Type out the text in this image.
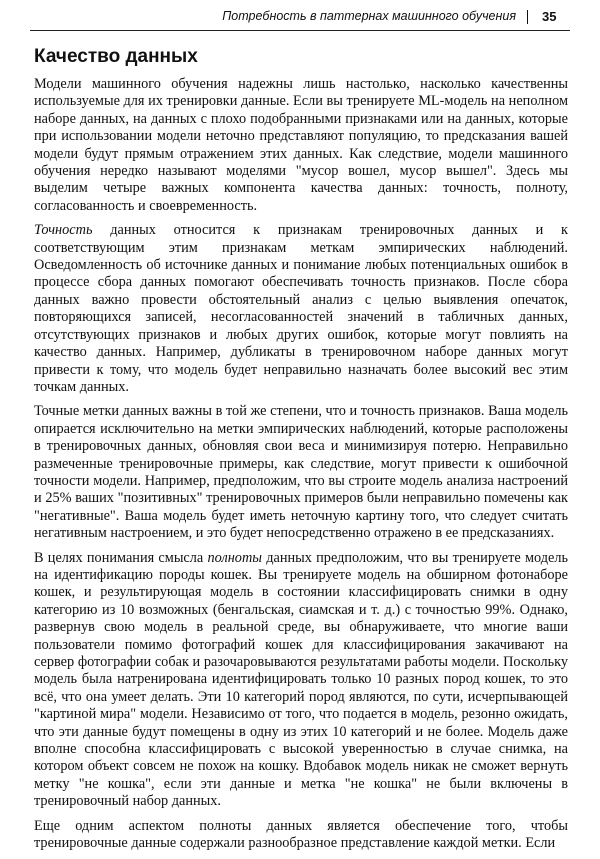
Потребность в паттернах машинного обучения 35
Качество данных

Модели машинного обучения надежны лишь настолько, насколько качественны используемые для их тренировки данные. Если вы тренируете ML-модель на неполном наборе данных, на данных с плохо подобранными признаками или на данных, которые при использовании модели неточно представляют популяцию, то предсказания вашей модели будут прямым отражением этих данных. Как следствие, модели машинного обучения нередко называют моделями "мусор вошел, мусор вышел". Здесь мы выделим четыре важных компонента качества данных: точность, полноту, согласованность и своевременность.

Точность данных относится к признакам тренировочных данных и к соответствующим этим признакам меткам эмпирических наблюдений. Осведомленность об источнике данных и понимание любых потенциальных ошибок в процессе сбора данных помогают обеспечивать точность признаков. После сбора данных важно провести обстоятельный анализ с целью выявления опечаток, повторяющихся записей, несогласованностей значений в табличных данных, отсутствующих признаков и любых других ошибок, которые могут повлиять на качество данных. Например, дубликаты в тренировочном наборе данных могут привести к тому, что модель будет неправильно назначать более высокий вес этим точкам данных.

Точные метки данных важны в той же степени, что и точность признаков. Ваша модель опирается исключительно на метки эмпирических наблюдений, которые расположены в тренировочных данных, обновляя свои веса и минимизируя потерю. Неправильно размеченные тренировочные примеры, как следствие, могут привести к ошибочной точности модели. Например, предположим, что вы строите модель анализа настроений и 25% ваших "позитивных" тренировочных примеров были неправильно помечены как "негативные". Ваша модель будет иметь неточную картину того, что следует считать негативным настроением, и это будет непосредственно отражено в ее предсказаниях.

В целях понимания смысла полноты данных предположим, что вы тренируете модель на идентификацию породы кошек. Вы тренируете модель на обширном фотонаборе кошек, и результирующая модель в состоянии классифицировать снимки в одну категорию из 10 возможных (бенгальская, сиамская и т. д.) с точностью 99%. Однако, развернув свою модель в реальной среде, вы обнаруживаете, что многие ваши пользователи помимо фотографий кошек для классифицирования закачивают на сервер фотографии собак и разочаровываются результатами работы модели. Поскольку модель была натренирована идентифицировать только 10 разных пород кошек, то это всё, что она умеет делать. Эти 10 категорий пород являются, по сути, исчерпывающей "картиной мира" модели. Независимо от того, что подается в модель, резонно ожидать, что эти данные будут помещены в одну из этих 10 категорий и не более. Модель даже вполне способна классифицировать с высокой уверенностью в случае снимка, на котором объект совсем не похож на кошку. Вдобавок модель никак не сможет вернуть метку "не кошка", если эти данные и метка "не кошка" не были включены в тренировочный набор данных.

Еще одним аспектом полноты данных является обеспечение того, чтобы тренировочные данные содержали разнообразное представление каждой метки. Если
